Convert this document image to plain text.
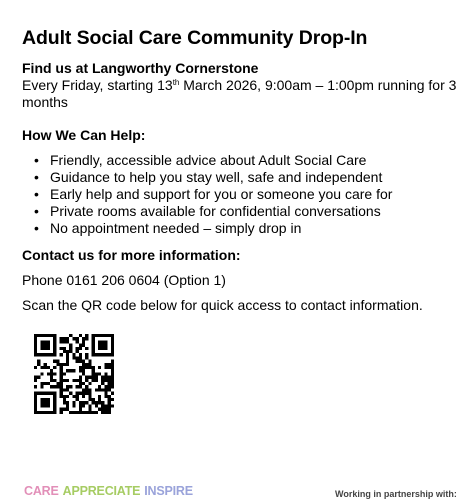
Adult Social Care Community Drop-In

Find us at Langworthy Cornerstone

Every Friday, starting 13th March 2026, 9:00am – 1:00pm running for 3 months

How We Can Help:

• Friendly, accessible advice about Adult Social Care
• Guidance to help you stay well, safe and independent
• Early help and support for you or someone you care for
• Private rooms available for confidential conversations
• No appointment needed – simply drop in

Contact us for more information:

Phone 0161 206 0604 (Option 1)

Scan the QR code below for quick access to contact information.

CARE APPRECIATE INSPIRE	Working in partnership with:
